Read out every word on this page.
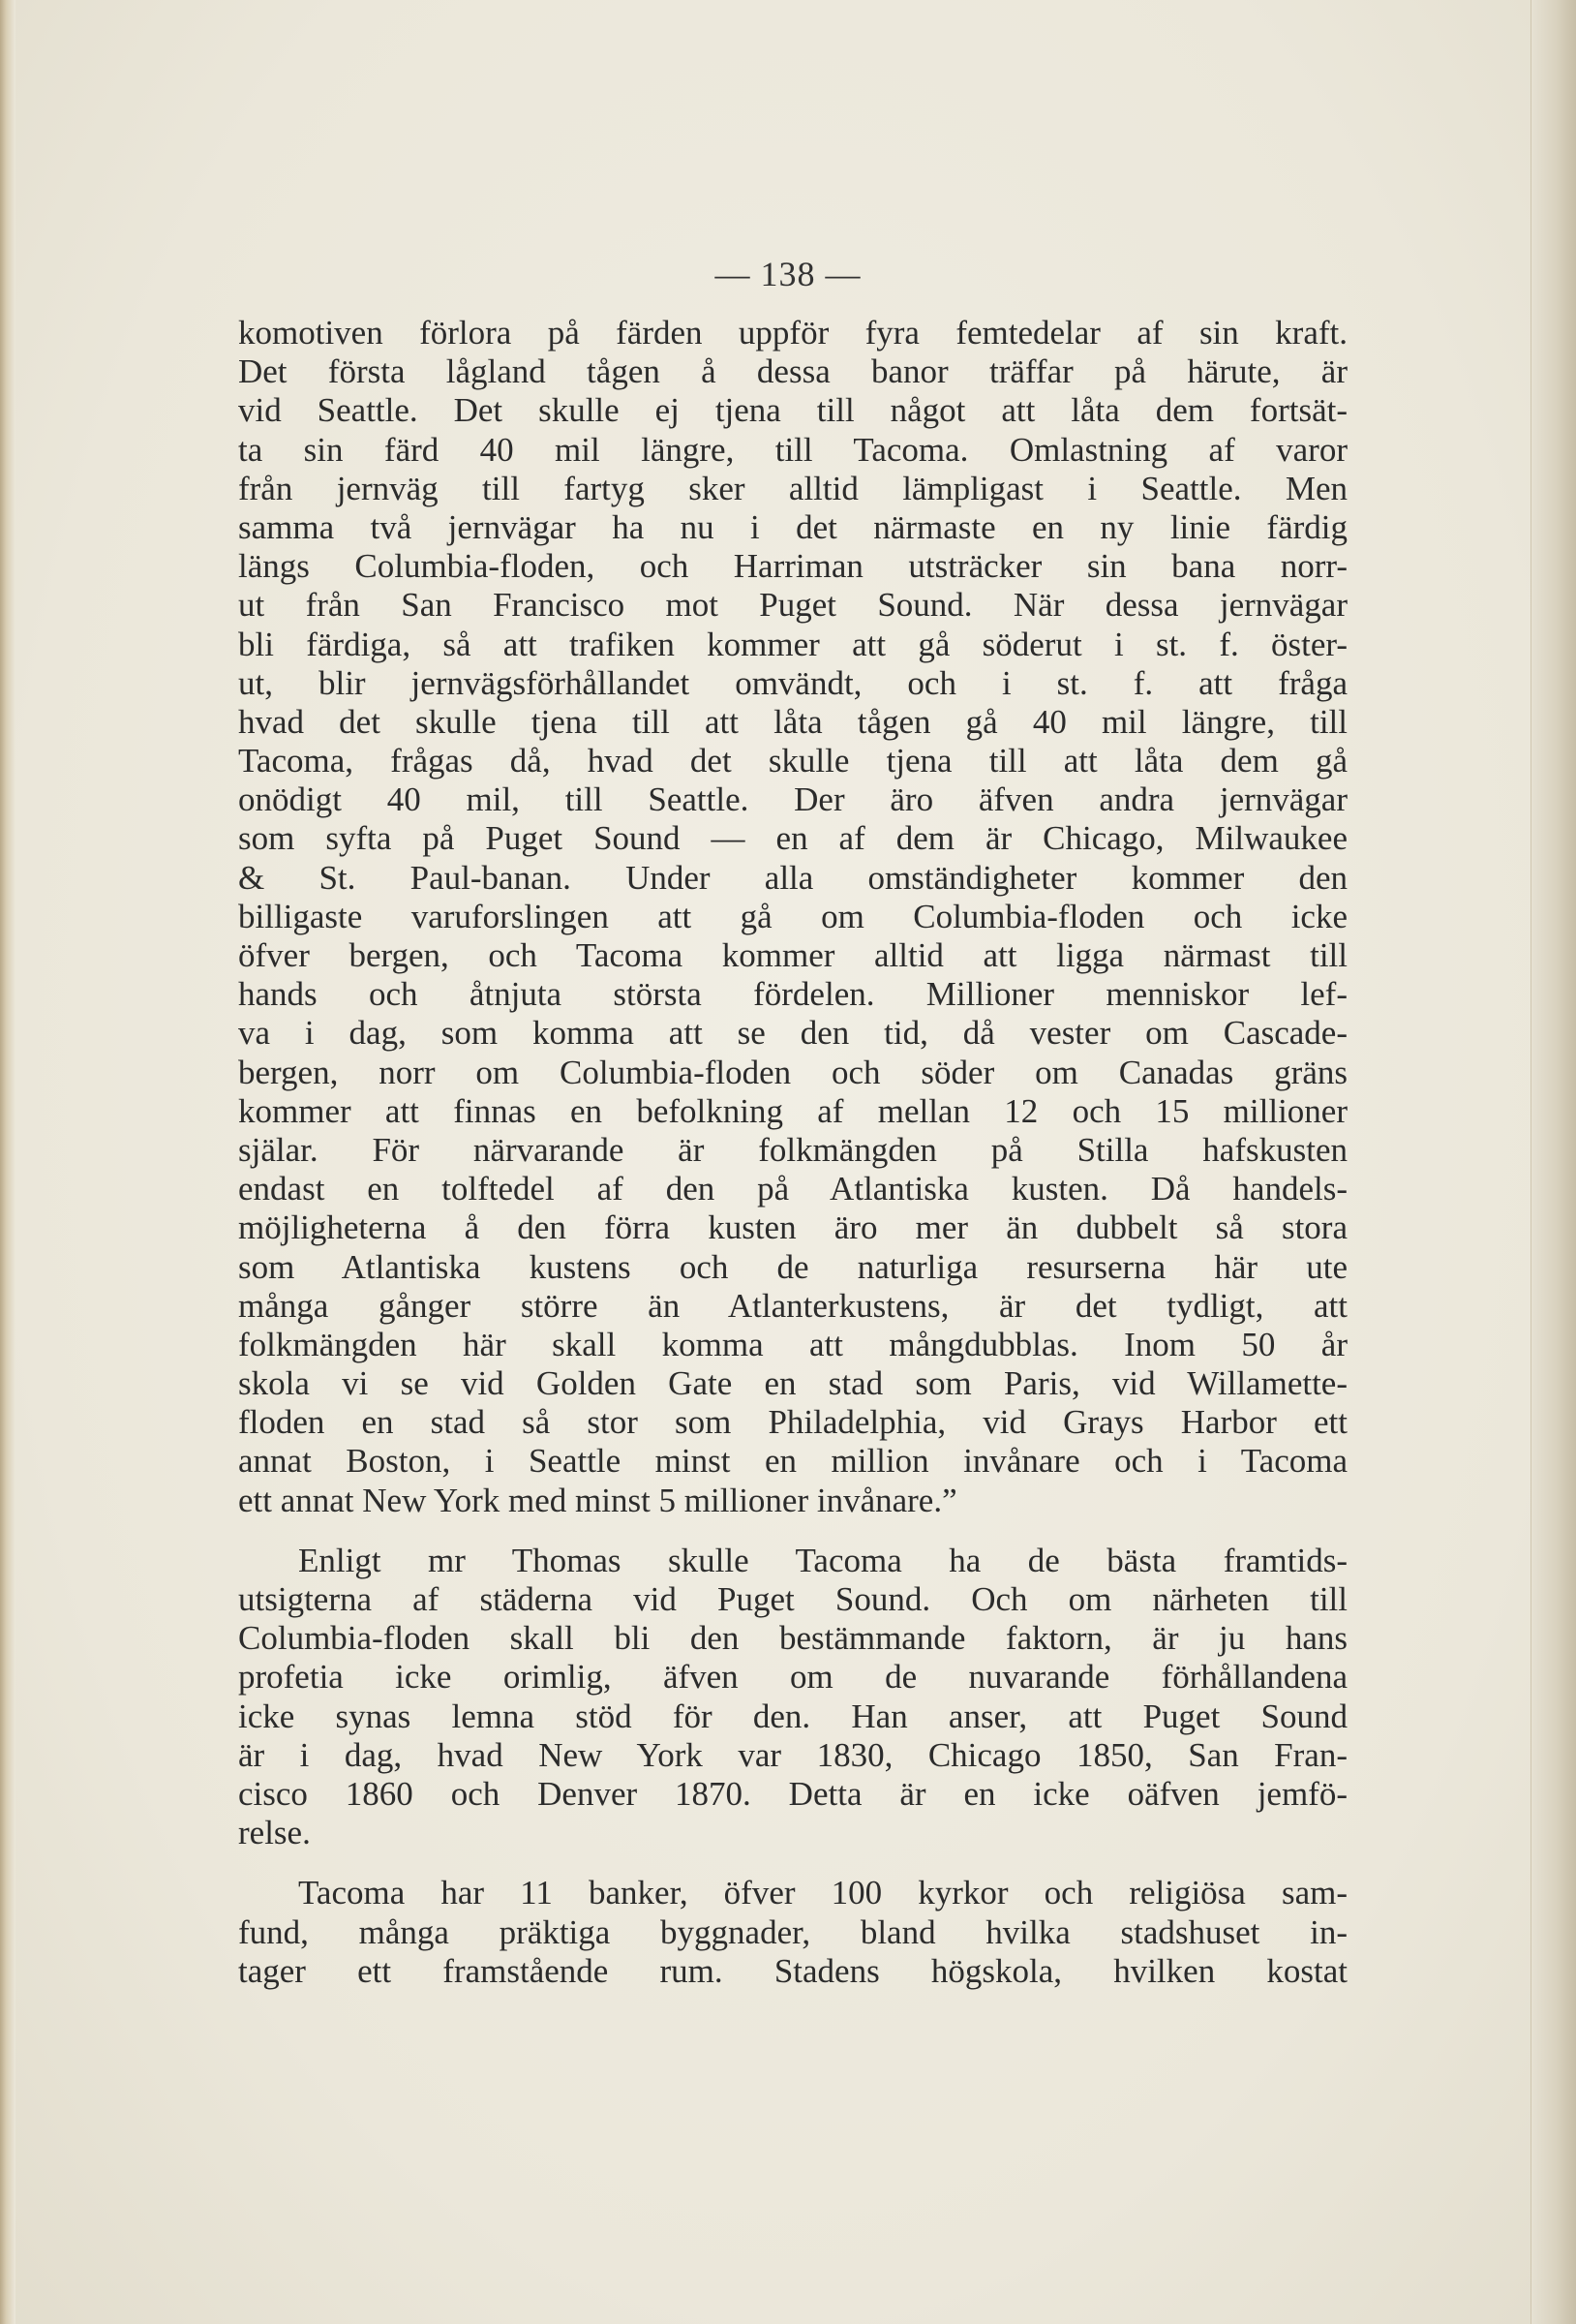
— 138 —
komotiven förlora på färden uppför fyra femtedelar af sin kraft.
Det första lågland tågen å dessa banor träffar på härute, är
vid Seattle. Det skulle ej tjena till något att låta dem fortsät-
ta sin färd 40 mil längre, till Tacoma. Omlastning af varor
från jernväg till fartyg sker alltid lämpligast i Seattle. Men
samma två jernvägar ha nu i det närmaste en ny linie färdig
längs Columbia-floden, och Harriman utsträcker sin bana norr-
ut från San Francisco mot Puget Sound. När dessa jernvägar
bli färdiga, så att trafiken kommer att gå söderut i st. f. öster-
ut, blir jernvägsförhållandet omvändt, och i st. f. att fråga
hvad det skulle tjena till att låta tågen gå 40 mil längre, till
Tacoma, frågas då, hvad det skulle tjena till att låta dem gå
onödigt 40 mil, till Seattle. Der äro äfven andra jernvägar
som syfta på Puget Sound — en af dem är Chicago, Milwaukee
& St. Paul-banan. Under alla omständigheter kommer den
billigaste varuforslingen att gå om Columbia-floden och icke
öfver bergen, och Tacoma kommer alltid att ligga närmast till
hands och åtnjuta största fördelen. Millioner menniskor lef-
va i dag, som komma att se den tid, då vester om Cascade-
bergen, norr om Columbia-floden och söder om Canadas gräns
kommer att finnas en befolkning af mellan 12 och 15 millioner
själar. För närvarande är folkmängden på Stilla hafskusten
endast en tolftedel af den på Atlantiska kusten. Då handels-
möjligheterna å den förra kusten äro mer än dubbelt så stora
som Atlantiska kustens och de naturliga resurserna här ute
många gånger större än Atlanterkustens, är det tydligt, att
folkmängden här skall komma att mångdubblas. Inom 50 år
skola vi se vid Golden Gate en stad som Paris, vid Willamette-
floden en stad så stor som Philadelphia, vid Grays Harbor ett
annat Boston, i Seattle minst en million invånare och i Tacoma
ett annat New York med minst 5 millioner invånare.”
Enligt mr Thomas skulle Tacoma ha de bästa framtids-
utsigterna af städerna vid Puget Sound. Och om närheten till
Columbia-floden skall bli den bestämmande faktorn, är ju hans
profetia icke orimlig, äfven om de nuvarande förhållandena
icke synas lemna stöd för den. Han anser, att Puget Sound
är i dag, hvad New York var 1830, Chicago 1850, San Fran-
cisco 1860 och Denver 1870. Detta är en icke oäfven jemfö-
relse.
Tacoma har 11 banker, öfver 100 kyrkor och religiösa sam-
fund, många präktiga byggnader, bland hvilka stadshuset in-
tager ett framstående rum. Stadens högskola, hvilken kostat
